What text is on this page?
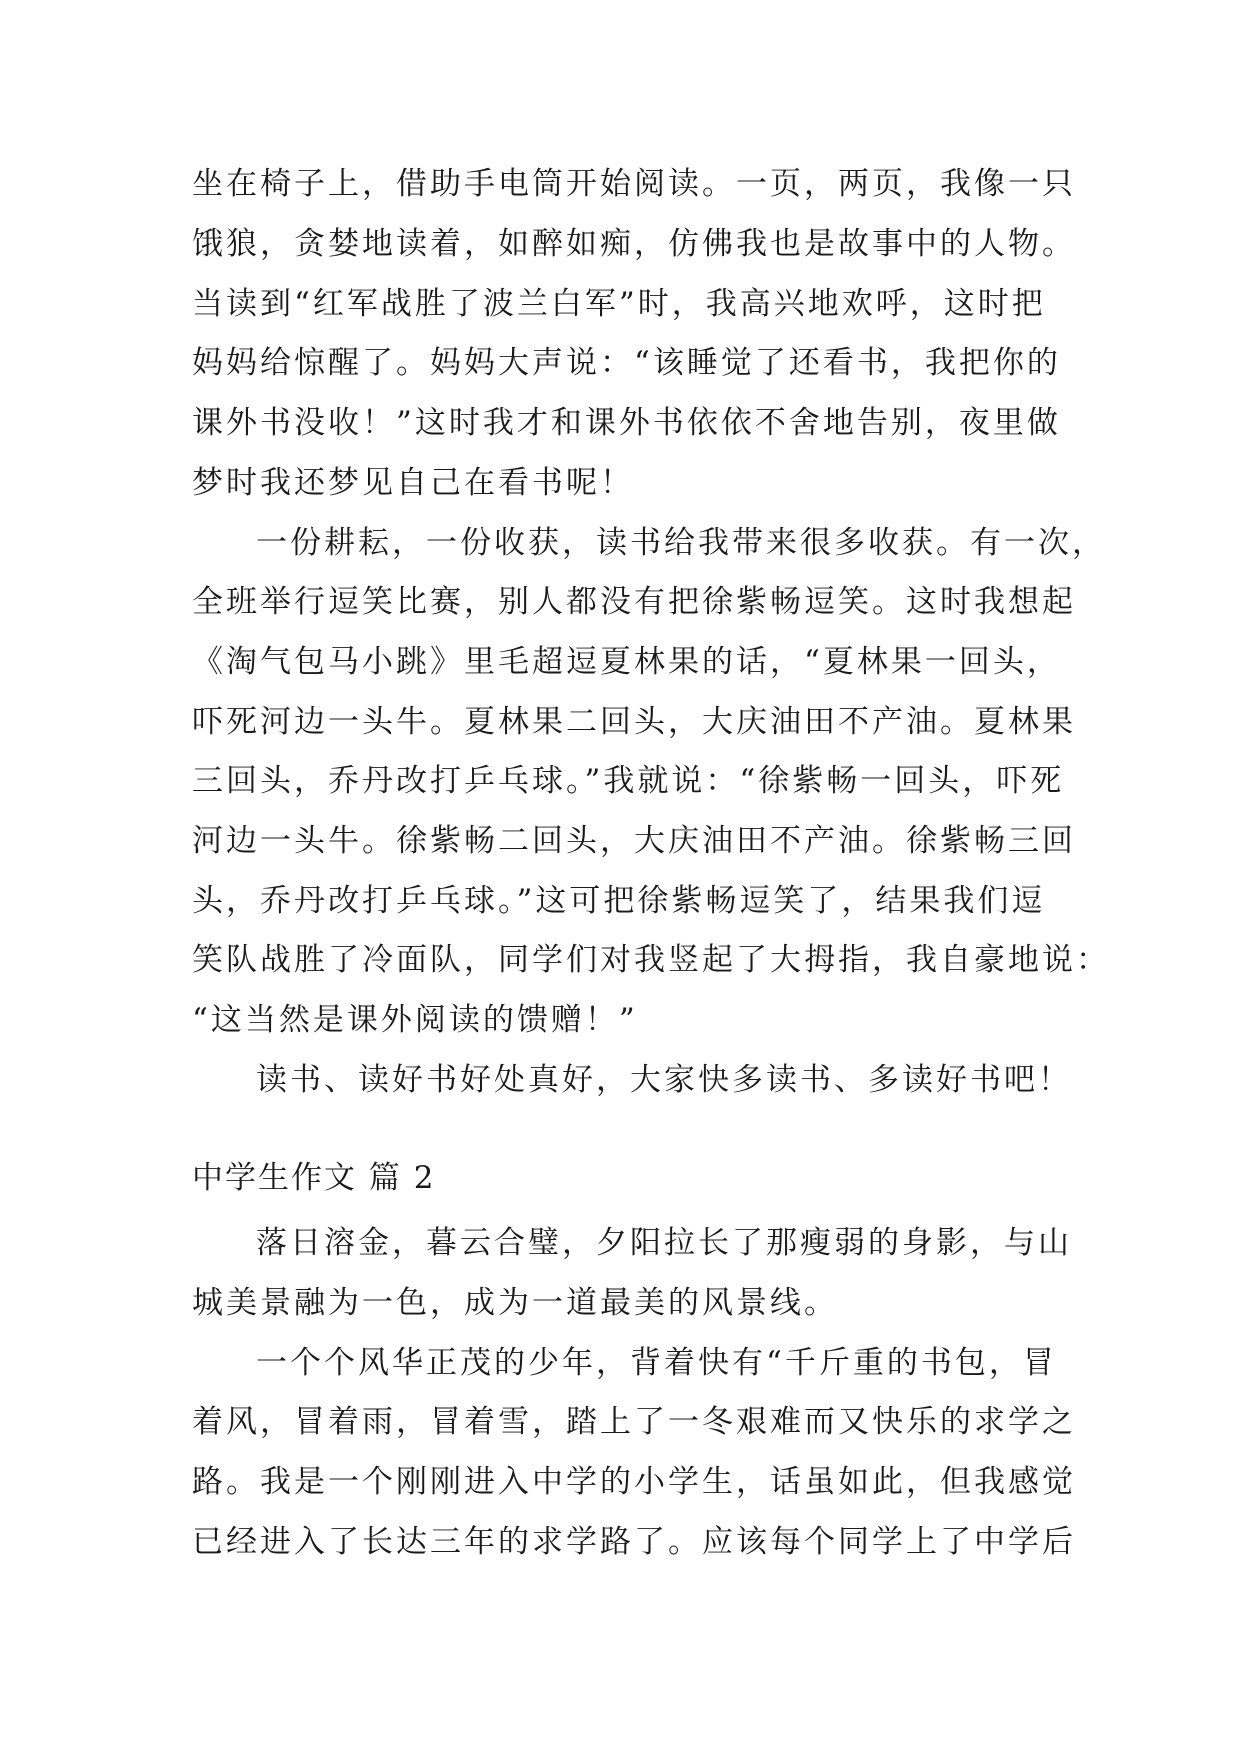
坐在椅子上，借助手电筒开始阅读。一页，两页，我像一只
饿狼，贪婪地读着，如醉如痴，仿佛我也是故事中的人物。
当读到“红军战胜了波兰白军”时，我高兴地欢呼，这时把
妈妈给惊醒了。妈妈大声说：“该睡觉了还看书，我把你的
课外书没收！”这时我才和课外书依依不舍地告别，夜里做
梦时我还梦见自己在看书呢！
一份耕耘，一份收获，读书给我带来很多收获。有一次，
全班举行逗笑比赛，别人都没有把徐紫畅逗笑。这时我想起
《淘气包马小跳》里毛超逗夏林果的话，“夏林果一回头，
吓死河边一头牛。夏林果二回头，大庆油田不产油。夏林果
三回头，乔丹改打乒乓球。”我就说：“徐紫畅一回头，吓死
河边一头牛。徐紫畅二回头，大庆油田不产油。徐紫畅三回
头，乔丹改打乒乓球。”这可把徐紫畅逗笑了，结果我们逗
笑队战胜了冷面队，同学们对我竖起了大拇指，我自豪地说：
“这当然是课外阅读的馈赠！”
读书、读好书好处真好，大家快多读书、多读好书吧！
中学生作文 篇 2
落日溶金，暮云合璧，夕阳拉长了那瘦弱的身影，与山
城美景融为一色，成为一道最美的风景线。
一个个风华正茂的少年，背着快有“千斤重的书包，冒
着风，冒着雨，冒着雪，踏上了一冬艰难而又快乐的求学之
路。我是一个刚刚进入中学的小学生，话虽如此，但我感觉
已经进入了长达三年的求学路了。应该每个同学上了中学后
